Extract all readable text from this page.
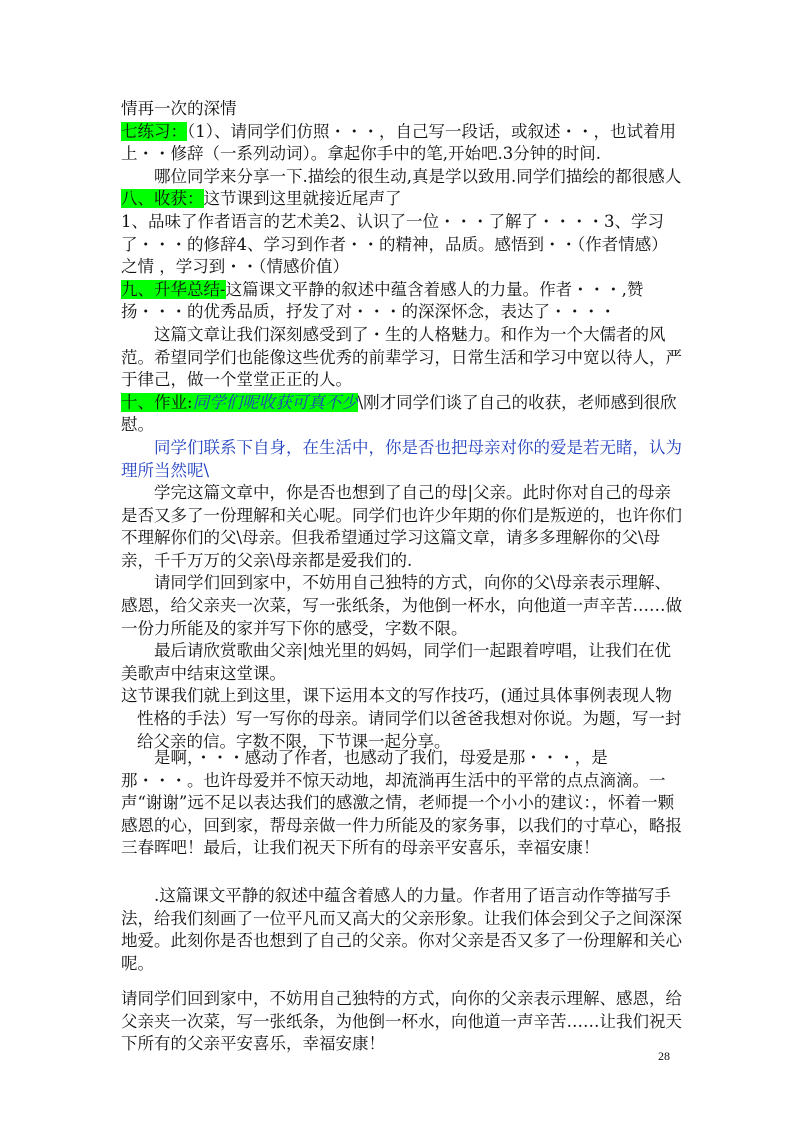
情再一次的深情

七练习：（1）、请同学们仿照・・・，自己写一段话，或叙述・・，也试着用上・・修辞（一系列动词）。拿起你手中的笔,开始吧.3分钟的时间.

哪位同学来分享一下.描绘的很生动,真是学以致用.同学们描绘的都很感人

八、收获：这节课到这里就接近尾声了

1、品味了作者语言的艺术美2、认识了一位・・・了解了・・・・3、学习了・・・的修辞4、学习到作者・・的精神，品质。感悟到・・（作者情感）之情 ，学习到・・（情感价值）

九、升华总结-这篇课文平静的叙述中蕴含着感人的力量。作者・・・,赞扬・・・的优秀品质，抒发了对・・・的深深怀念，表达了・・・・

这篇文章让我们深刻感受到了・生的人格魅力。和作为一个大儒者的风范。希望同学们也能像这些优秀的前辈学习，日常生活和学习中宽以待人，严于律己，做一个堂堂正正的人。

十、作业:同学们呢收获可真不少\刚才同学们谈了自己的收获，老师感到很欣慰。

同学们联系下自身，在生活中，你是否也把母亲对你的爱是若无睹，认为理所当然呢\

学完这篇文章中，你是否也想到了自己的母|父亲。此时你对自己的母亲是否又多了一份理解和关心呢。同学们也许少年期的你们是叛逆的，也许你们不理解你们的父\母亲。但我希望通过学习这篇文章，请多多理解你的父\母亲，千千万万的父亲\母亲都是爱我们的.

请同学们回到家中，不妨用自己独特的方式，向你的父\母亲表示理解、感恩，给父亲夹一次菜，写一张纸条，为他倒一杯水，向他道一声辛苦……做一份力所能及的家并写下你的感受，字数不限。

最后请欣赏歌曲父亲|烛光里的妈妈，同学们一起跟着哼唱，让我们在优美歌声中结束这堂课。

这节课我们就上到这里，课下运用本文的写作技巧，(通过具体事例表现人物性格的手法）写一写你的母亲。请同学们以爸爸我想对你说。为题，写一封给父亲的信。字数不限，下节课一起分享。

是啊，・・・感动了作者，也感动了我们，母爱是那・・・，是那・・・。也许母爱并不惊天动地，却流淌再生活中的平常的点点滴滴。一声“谢谢”远不足以表达我们的感激之情，老师提一个小小的建议：，怀着一颗感恩的心，回到家，帮母亲做一件力所能及的家务事，以我们的寸草心，略报三春晖吧！最后，让我们祝天下所有的母亲平安喜乐，幸福安康！

.这篇课文平静的叙述中蕴含着感人的力量。作者用了语言动作等描写手法，给我们刻画了一位平凡而又高大的父亲形象。让我们体会到父子之间深深地爱。此刻你是否也想到了自己的父亲。你对父亲是否又多了一份理解和关心呢。

请同学们回到家中，不妨用自己独特的方式，向你的父亲表示理解、感恩，给父亲夹一次菜，写一张纸条，为他倒一杯水，向他道一声辛苦……让我们祝天下所有的父亲平安喜乐，幸福安康！

28
